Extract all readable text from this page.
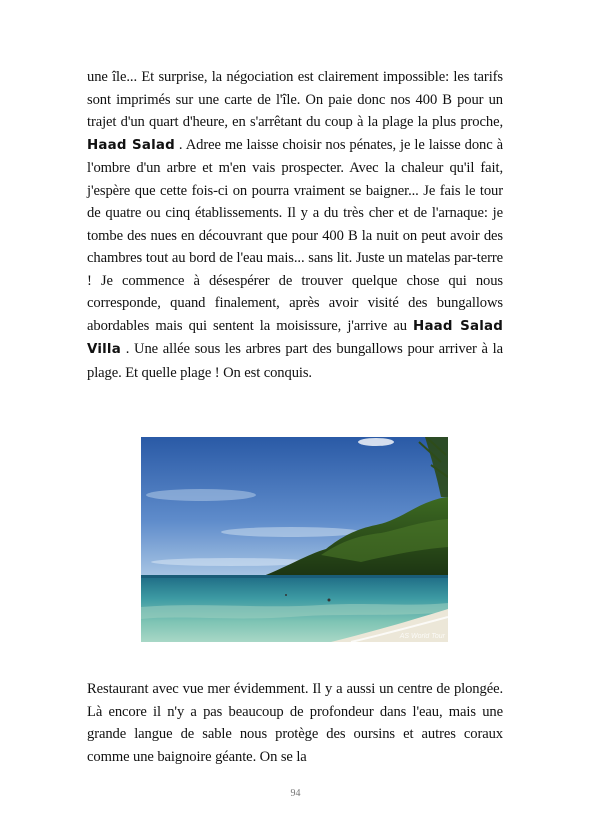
une île... Et surprise, la négociation est clairement impossible: les tarifs sont imprimés sur une carte de l'île. On paie donc nos 400 B pour un trajet d'un quart d'heure, en s'arrêtant du coup à la plage la plus proche, Haad Salad . Adree me laisse choisir nos pénates, je le laisse donc à l'ombre d'un arbre et m'en vais prospecter. Avec la chaleur qu'il fait, j'espère que cette fois-ci on pourra vraiment se baigner... Je fais le tour de quatre ou cinq établissements. Il y a du très cher et de l'arnaque: je tombe des nues en découvrant que pour 400 B la nuit on peut avoir des chambres tout au bord de l'eau mais... sans lit. Juste un matelas par-terre ! Je commence à désespérer de trouver quelque chose qui nous corresponde, quand finalement, après avoir visité des bungallows abordables mais qui sentent la moisissure, j'arrive au Haad Salad Villa . Une allée sous les arbres part des bungallows pour arriver à la plage. Et quelle plage ! On est conquis.

AS World Tour

Restaurant avec vue mer évidemment. Il y a aussi un centre de plongée. Là encore il n'y a pas beaucoup de profondeur dans l'eau, mais une grande langue de sable nous protège des oursins et autres coraux comme une baignoire géante. On se la

94
